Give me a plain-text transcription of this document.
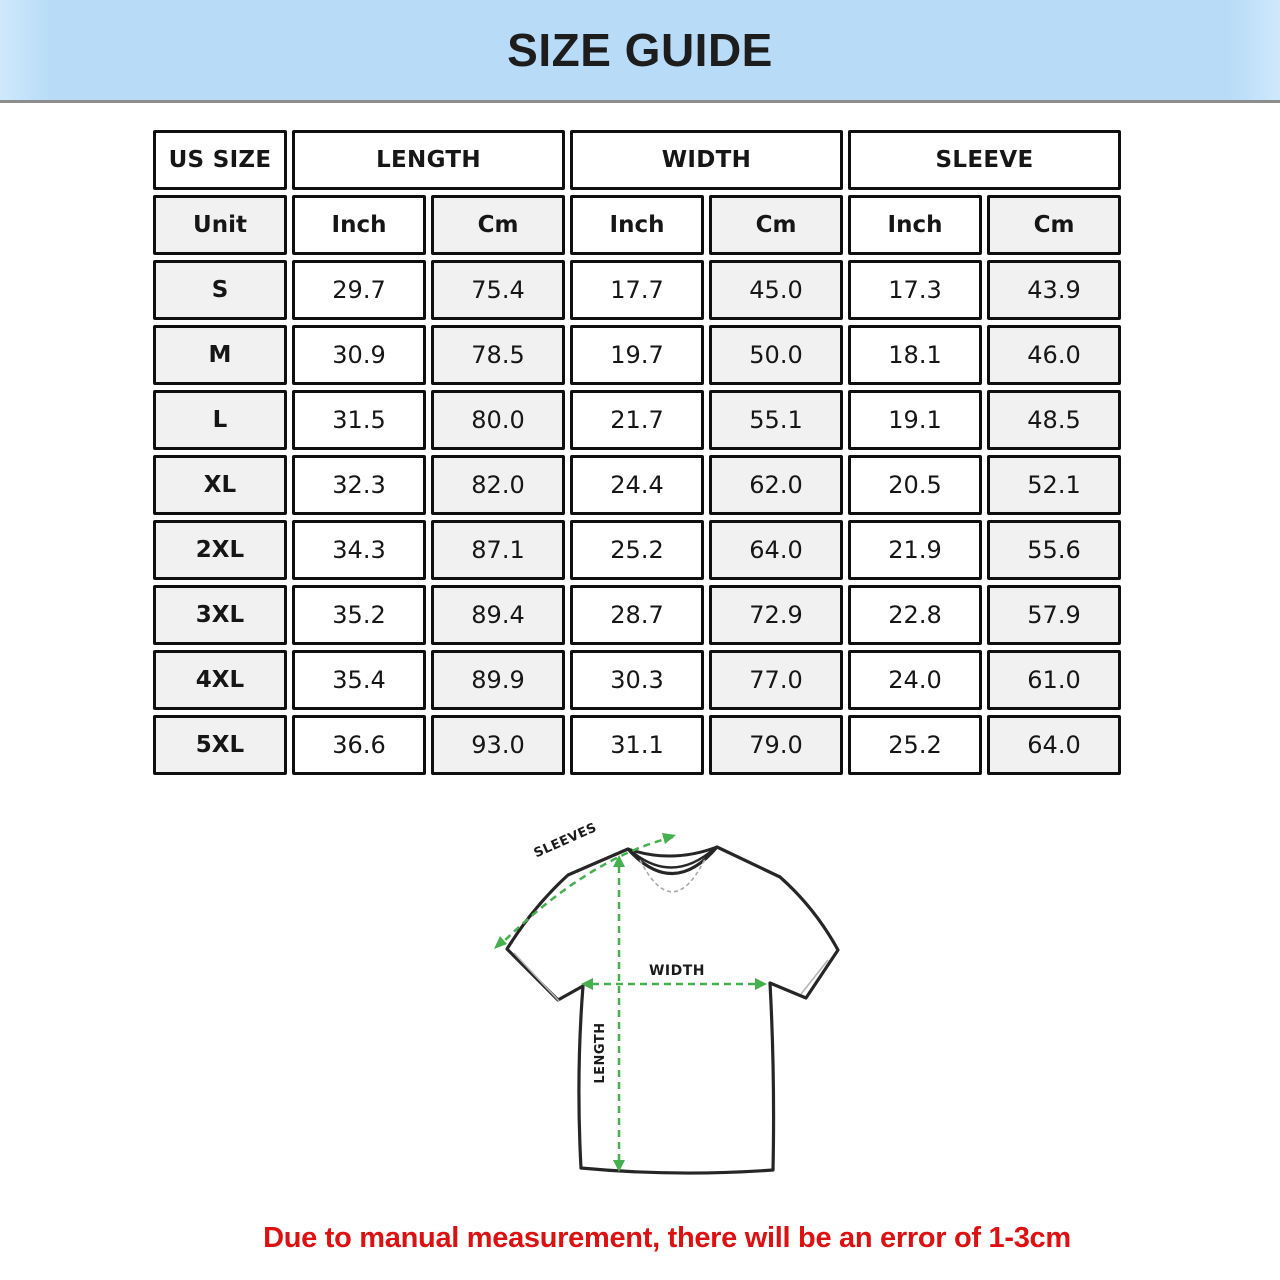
SIZE GUIDE
US SIZE	LENGTH		WIDTH		SLEEVE	
Unit	Inch	Cm	Inch	Cm	Inch	Cm
S	29.7	75.4	17.7	45.0	17.3	43.9
M	30.9	78.5	19.7	50.0	18.1	46.0
L	31.5	80.0	21.7	55.1	19.1	48.5
XL	32.3	82.0	24.4	62.0	20.5	52.1
2XL	34.3	87.1	25.2	64.0	21.9	55.6
3XL	35.2	89.4	28.7	72.9	22.8	57.9
4XL	35.4	89.9	30.3	77.0	24.0	61.0
5XL	36.6	93.0	31.1	79.0	25.2	64.0
SLEEVES
WIDTH
LENGTH
Due to manual measurement, there will be an error of 1-3cm
